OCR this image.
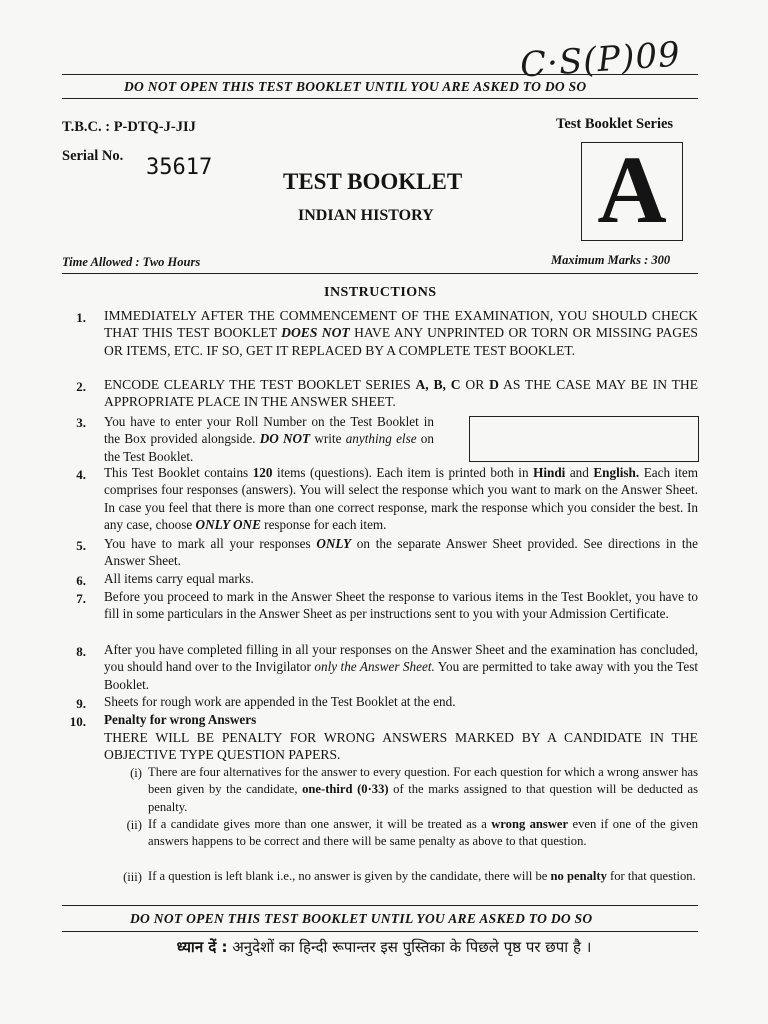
C·S(P)09
DO NOT OPEN THIS TEST BOOKLET UNTIL YOU ARE ASKED TO DO SO
T.B.C. : P-DTQ-J-JIJ
Serial No. 35617
Test Booklet Series
A
TEST BOOKLET
INDIAN HISTORY
Time Allowed : Two Hours	Maximum Marks : 300
INSTRUCTIONS
1. IMMEDIATELY AFTER THE COMMENCEMENT OF THE EXAMINATION, YOU SHOULD CHECK THAT THIS TEST BOOKLET DOES NOT HAVE ANY UNPRINTED OR TORN OR MISSING PAGES OR ITEMS, ETC. IF SO, GET IT REPLACED BY A COMPLETE TEST BOOKLET.
2. ENCODE CLEARLY THE TEST BOOKLET SERIES A, B, C OR D AS THE CASE MAY BE IN THE APPROPRIATE PLACE IN THE ANSWER SHEET.
3. You have to enter your Roll Number on the Test Booklet in the Box provided alongside. DO NOT write anything else on the Test Booklet.
4. This Test Booklet contains 120 items (questions). Each item is printed both in Hindi and English. Each item comprises four responses (answers). You will select the response which you want to mark on the Answer Sheet. In case you feel that there is more than one correct response, mark the response which you consider the best. In any case, choose ONLY ONE response for each item.
5. You have to mark all your responses ONLY on the separate Answer Sheet provided. See directions in the Answer Sheet.
6. All items carry equal marks.
7. Before you proceed to mark in the Answer Sheet the response to various items in the Test Booklet, you have to fill in some particulars in the Answer Sheet as per instructions sent to you with your Admission Certificate.
8. After you have completed filling in all your responses on the Answer Sheet and the examination has concluded, you should hand over to the Invigilator only the Answer Sheet. You are permitted to take away with you the Test Booklet.
9. Sheets for rough work are appended in the Test Booklet at the end.
10. Penalty for wrong Answers
THERE WILL BE PENALTY FOR WRONG ANSWERS MARKED BY A CANDIDATE IN THE OBJECTIVE TYPE QUESTION PAPERS.
(i) There are four alternatives for the answer to every question. For each question for which a wrong answer has been given by the candidate, one-third (0·33) of the marks assigned to that question will be deducted as penalty.
(ii) If a candidate gives more than one answer, it will be treated as a wrong answer even if one of the given answers happens to be correct and there will be same penalty as above to that question.
(iii) If a question is left blank i.e., no answer is given by the candidate, there will be no penalty for that question.
DO NOT OPEN THIS TEST BOOKLET UNTIL YOU ARE ASKED TO DO SO
ध्यान दें : अनुदेशों का हिन्दी रूपान्तर इस पुस्तिका के पिछले पृष्ठ पर छपा है ।
